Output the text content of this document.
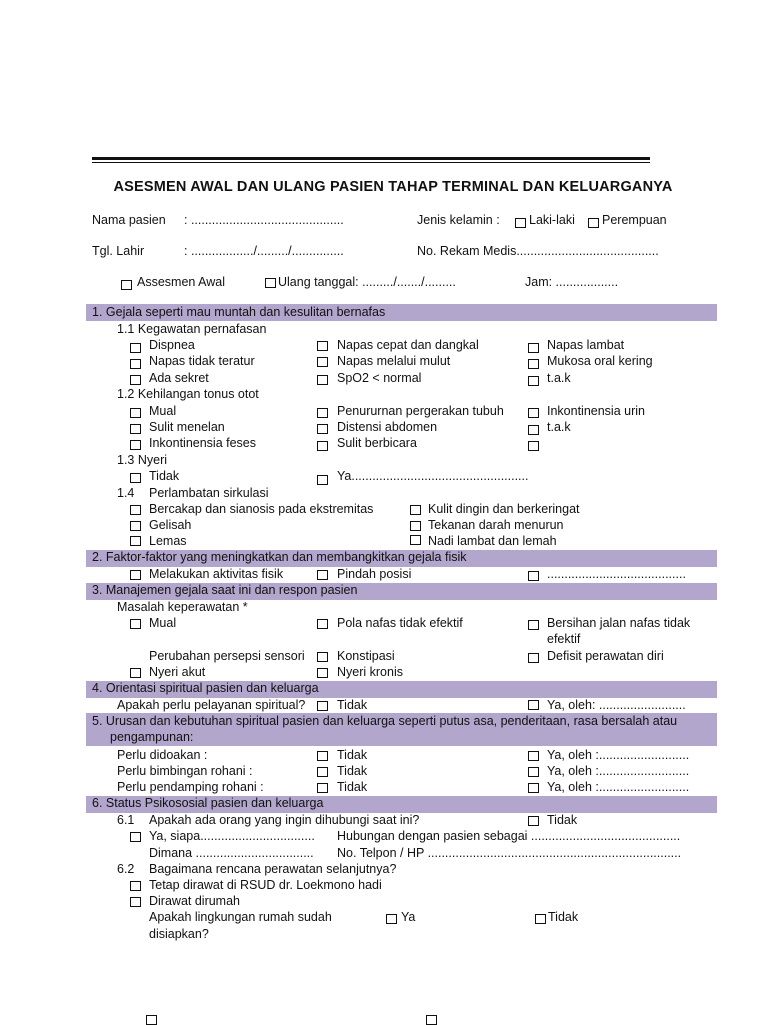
ASESMEN AWAL DAN ULANG PASIEN TAHAP TERMINAL DAN KELUARGANYA
Nama pasien : ............................................	Jenis kelamin : Laki-laki Perempuan
Tgl. Lahir	: ................../........./...............	No. Rekam Medis.........................................
Assesmen Awal	Ulang tanggal: ........./......./.........	Jam: ..................
1. Gejala seperti mau muntah dan kesulitan bernafas
1.1 Kegawatan pernafasan
Dispnea	Napas cepat dan dangkal	Napas lambat
Napas tidak teratur	Napas melalui mulut	Mukosa oral kering
Ada sekret	SpO2 < normal	t.a.k
1.2 Kehilangan tonus otot
Mual	Penururnan pergerakan tubuh	Inkontinensia urin
Sulit menelan	Distensi abdomen	t.a.k
Inkontinensia feses	Sulit berbicara
1.3 Nyeri
Tidak	Ya...................................................
1.4 Perlambatan sirkulasi
Bercakap dan sianosis pada ekstremitas	Kulit dingin dan berkeringat
Gelisah	Tekanan darah menurun
Lemas	Nadi lambat dan lemah
2. Faktor-faktor yang meningkatkan dan membangkitkan gejala fisik
Melakukan aktivitas fisik	Pindah posisi	........................................
3. Manajemen gejala saat ini dan respon pasien
Masalah keperawatan *
Mual	Pola nafas tidak efektif	Bersihan jalan nafas tidak
efektif
Perubahan persepsi sensori	Konstipasi	Defisit perawatan diri
Nyeri akut	Nyeri kronis
4. Orientasi spiritual pasien dan keluarga
Apakah perlu pelayanan spiritual?	Tidak	Ya, oleh: .........................
5. Urusan dan kebutuhan spiritual pasien dan keluarga seperti putus asa, penderitaan, rasa bersalah atau
pengampunan:
Perlu didoakan :	Tidak	Ya, oleh :..........................
Perlu bimbingan rohani :	Tidak	Ya, oleh :..........................
Perlu pendamping rohani :	Tidak	Ya, oleh :..........................
6. Status Psikososial pasien dan keluarga
6.1 Apakah ada orang yang ingin dihubungi saat ini?	Tidak
Ya, siapa................................. Hubungan dengan pasien sebagai ...........................................
Dimana .................................. No. Telpon / HP .........................................................................
6.2 Bagaimana rencana perawatan selanjutnya?
Tetap dirawat di RSUD dr. Loekmono hadi
Dirawat dirumah
Apakah lingkungan rumah sudah
disiapkan?
Ya	Tidak
